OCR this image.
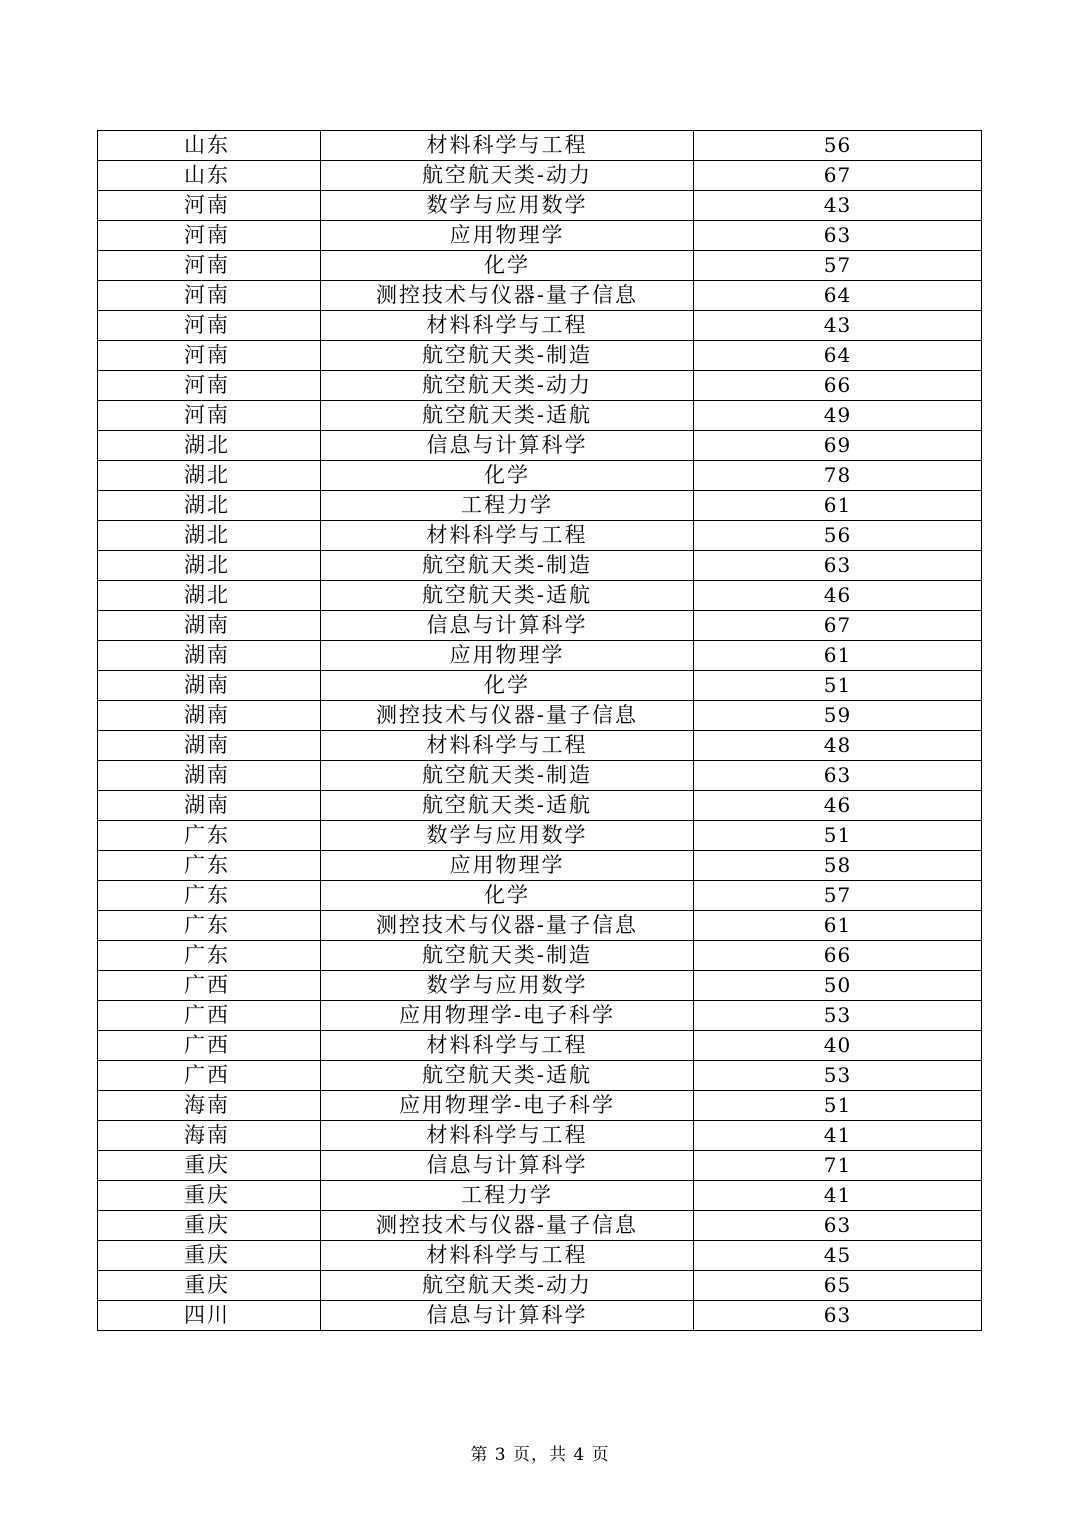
山东	材料科学与工程	56
山东	航空航天类-动力	67
河南	数学与应用数学	43
河南	应用物理学	63
河南	化学	57
河南	测控技术与仪器-量子信息	64
河南	材料科学与工程	43
河南	航空航天类-制造	64
河南	航空航天类-动力	66
河南	航空航天类-适航	49
湖北	信息与计算科学	69
湖北	化学	78
湖北	工程力学	61
湖北	材料科学与工程	56
湖北	航空航天类-制造	63
湖北	航空航天类-适航	46
湖南	信息与计算科学	67
湖南	应用物理学	61
湖南	化学	51
湖南	测控技术与仪器-量子信息	59
湖南	材料科学与工程	48
湖南	航空航天类-制造	63
湖南	航空航天类-适航	46
广东	数学与应用数学	51
广东	应用物理学	58
广东	化学	57
广东	测控技术与仪器-量子信息	61
广东	航空航天类-制造	66
广西	数学与应用数学	50
广西	应用物理学-电子科学	53
广西	材料科学与工程	40
广西	航空航天类-适航	53
海南	应用物理学-电子科学	51
海南	材料科学与工程	41
重庆	信息与计算科学	71
重庆	工程力学	41
重庆	测控技术与仪器-量子信息	63
重庆	材料科学与工程	45
重庆	航空航天类-动力	65
四川	信息与计算科学	63
第 3 页，共 4 页
